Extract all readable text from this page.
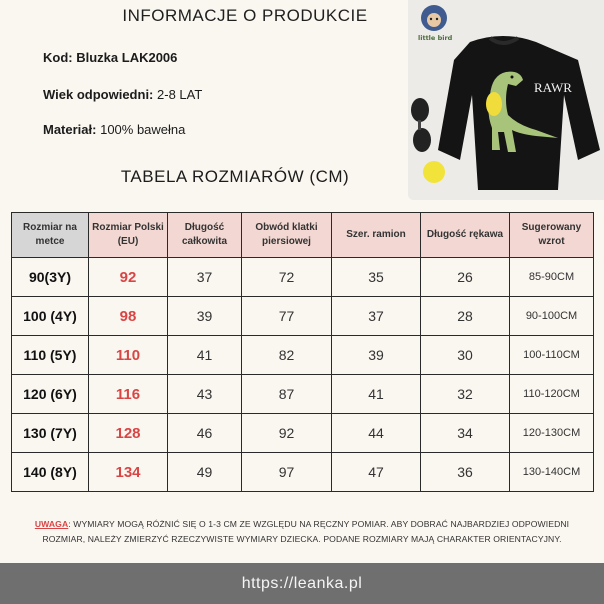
INFORMACJE O PRODUKCIE
Kod: Bluzka LAK2006
Wiek odpowiedni: 2-8 LAT
Materiał: 100% bawełna
TABELA ROZMIARÓW (CM)
RAWR
little bird
Rozmiar na metce	Rozmiar Polski (EU)	Długość całkowita	Obwód klatki piersiowej	Szer. ramion	Długość rękawa	Sugerowany wzrot
90(3Y)	92	37	72	35	26	85-90CM
100 (4Y)	98	39	77	37	28	90-100CM
110 (5Y)	110	41	82	39	30	100-110CM
120 (6Y)	116	43	87	41	32	110-120CM
130 (7Y)	128	46	92	44	34	120-130CM
140 (8Y)	134	49	97	47	36	130-140CM
UWAGA: WYMIARY MOGĄ RÓŻNIĆ SIĘ O 1-3 CM ZE WZGLĘDU NA RĘCZNY POMIAR. ABY DOBRAĆ NAJBARDZIEJ ODPOWIEDNI ROZMIAR, NALEŻY ZMIERZYĆ RZECZYWISTE WYMIARY DZIECKA. PODANE ROZMIARY MAJĄ CHARAKTER ORIENTACYJNY.
https://leanka.pl
